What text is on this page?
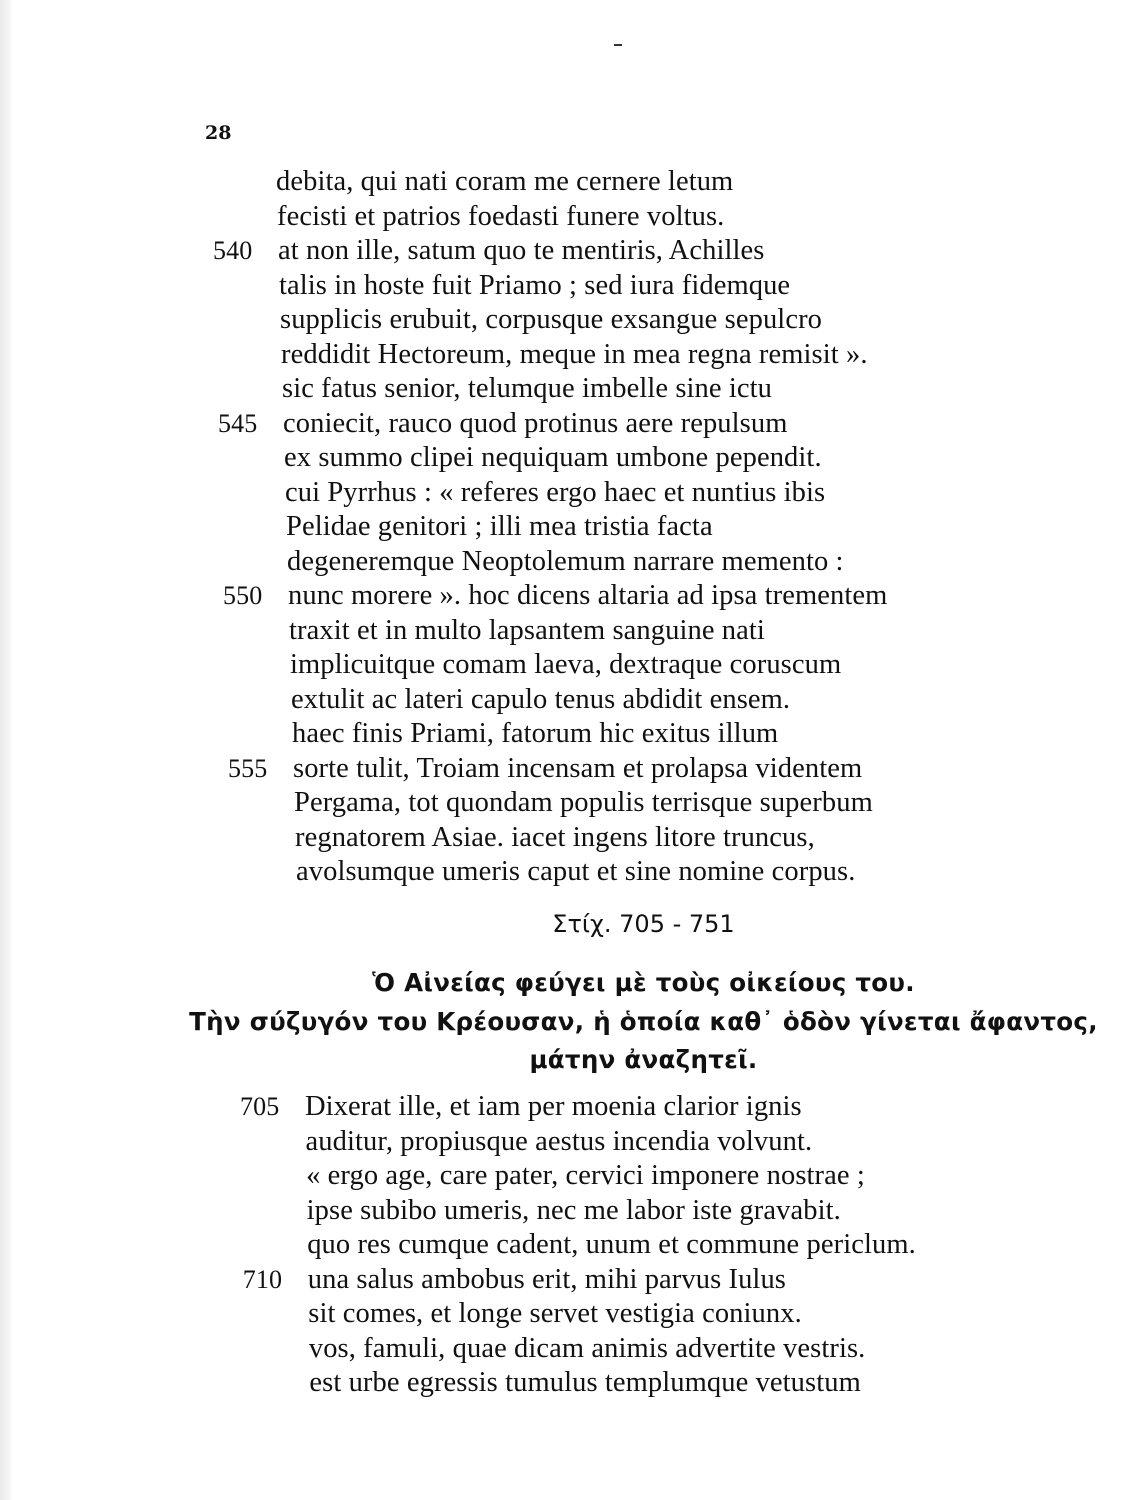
28
debita, qui nati coram me cernere letum
fecisti et patrios foedasti funere voltus.
at non ille, satum quo te mentiris, Achilles
540
talis in hoste fuit Priamo ; sed iura fidemque
supplicis erubuit, corpusque exsangue sepulcro
reddidit Hectoreum, meque in mea regna remisit ».
sic fatus senior, telumque imbelle sine ictu
coniecit, rauco quod protinus aere repulsum
545
ex summo clipei nequiquam umbone pependit.
cui Pyrrhus : « referes ergo haec et nuntius ibis
Pelidae genitori ; illi mea tristia facta
degeneremque Neoptolemum narrare memento :
nunc morere ». hoc dicens altaria ad ipsa trementem
550
traxit et in multo lapsantem sanguine nati
implicuitque comam laeva, dextraque coruscum
extulit ac lateri capulo tenus abdidit ensem.
haec finis Priami, fatorum hic exitus illum
sorte tulit, Troiam incensam et prolapsa videntem
555
Pergama, tot quondam populis terrisque superbum
regnatorem Asiae. iacet ingens litore truncus,
avolsumque umeris caput et sine nomine corpus.
Στίχ. 705 - 751
Ὁ Αἰνείας φεύγει μὲ τοὺς οἰκείους του.
Τὴν σύζυγόν του Κρέουσαν, ἡ ὁποία καθ᾽ ὁδὸν γίνεται ἄφαντος,
μάτην ἀναζητεῖ.
Dixerat ille, et iam per moenia clarior ignis
705
auditur, propiusque aestus incendia volvunt.
« ergo age, care pater, cervici imponere nostrae ;
ipse subibo umeris, nec me labor iste gravabit.
quo res cumque cadent, unum et commune periclum.
una salus ambobus erit, mihi parvus Iulus
710
sit comes, et longe servet vestigia coniunx.
vos, famuli, quae dicam animis advertite vestris.
est urbe egressis tumulus templumque vetustum
